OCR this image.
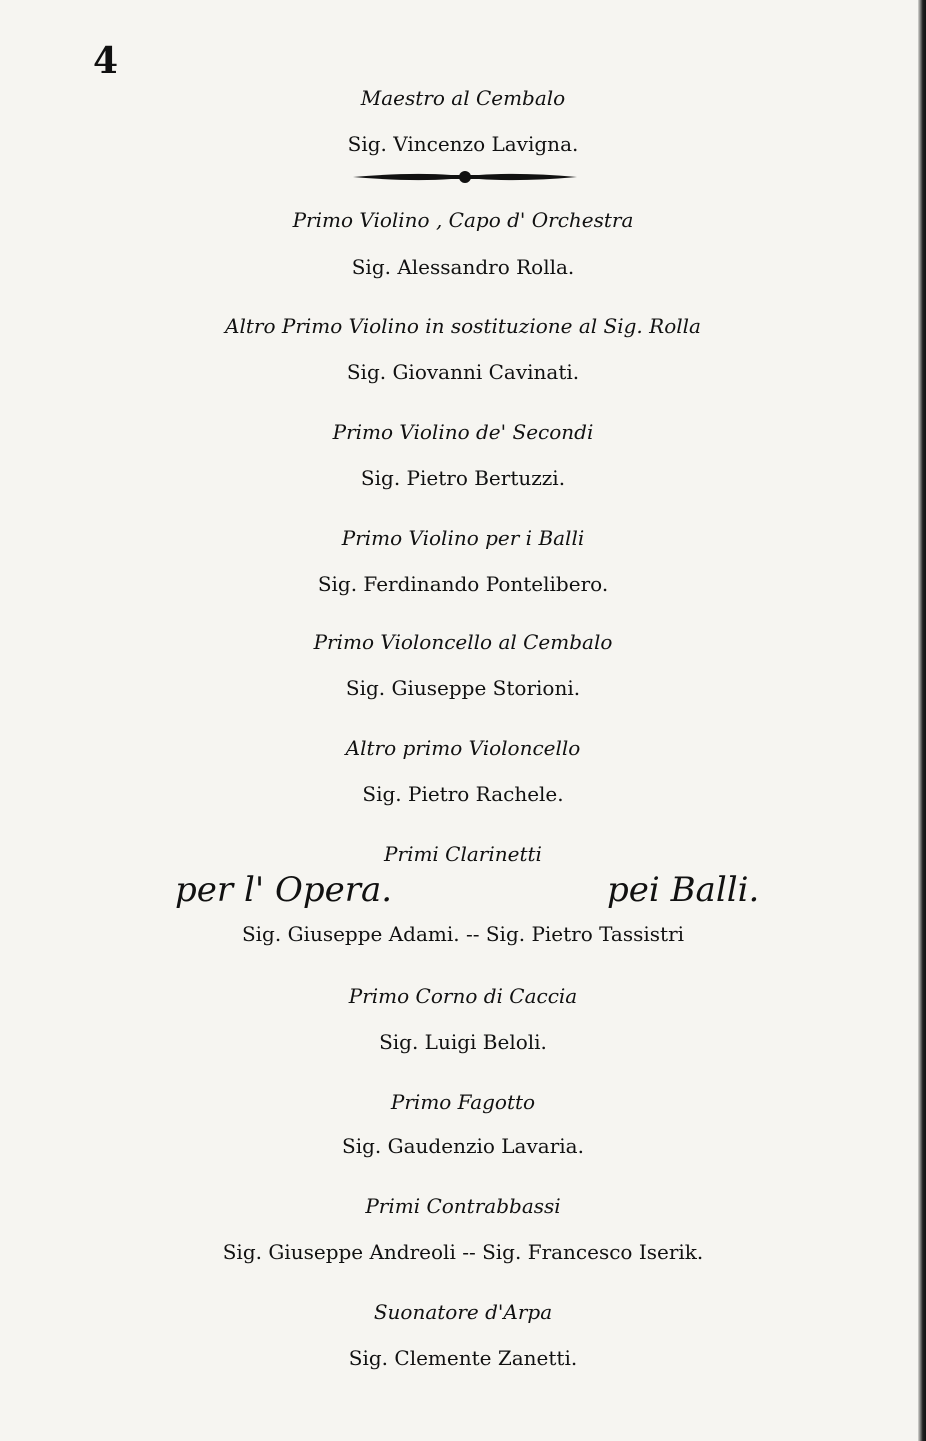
4
Maestro al Cembalo
Sig. Vincenzo Lavigna.
Primo Violino , Capo d' Orchestra
Sig. Alessandro Rolla.
Altro Primo Violino in sostituzione al Sig. Rolla
Sig. Giovanni Cavinati.
Primo Violino de' Secondi
Sig. Pietro Bertuzzi.
Primo Violino per i Balli
Sig. Ferdinando Pontelibero.
Primo Violoncello al Cembalo
Sig. Giuseppe Storioni.
Altro primo Violoncello
Sig. Pietro Rachele.
Primi Clarinetti
per l' Opera.	pei Balli.
Sig. Giuseppe Adami. -- Sig. Pietro Tassistri
Primo Corno di Caccia
Sig. Luigi Beloli.
Primo Fagotto
Sig. Gaudenzio Lavaria.
Primi Contrabbassi
Sig. Giuseppe Andreoli -- Sig. Francesco Iserik.
Suonatore d'Arpa
Sig. Clemente Zanetti.
